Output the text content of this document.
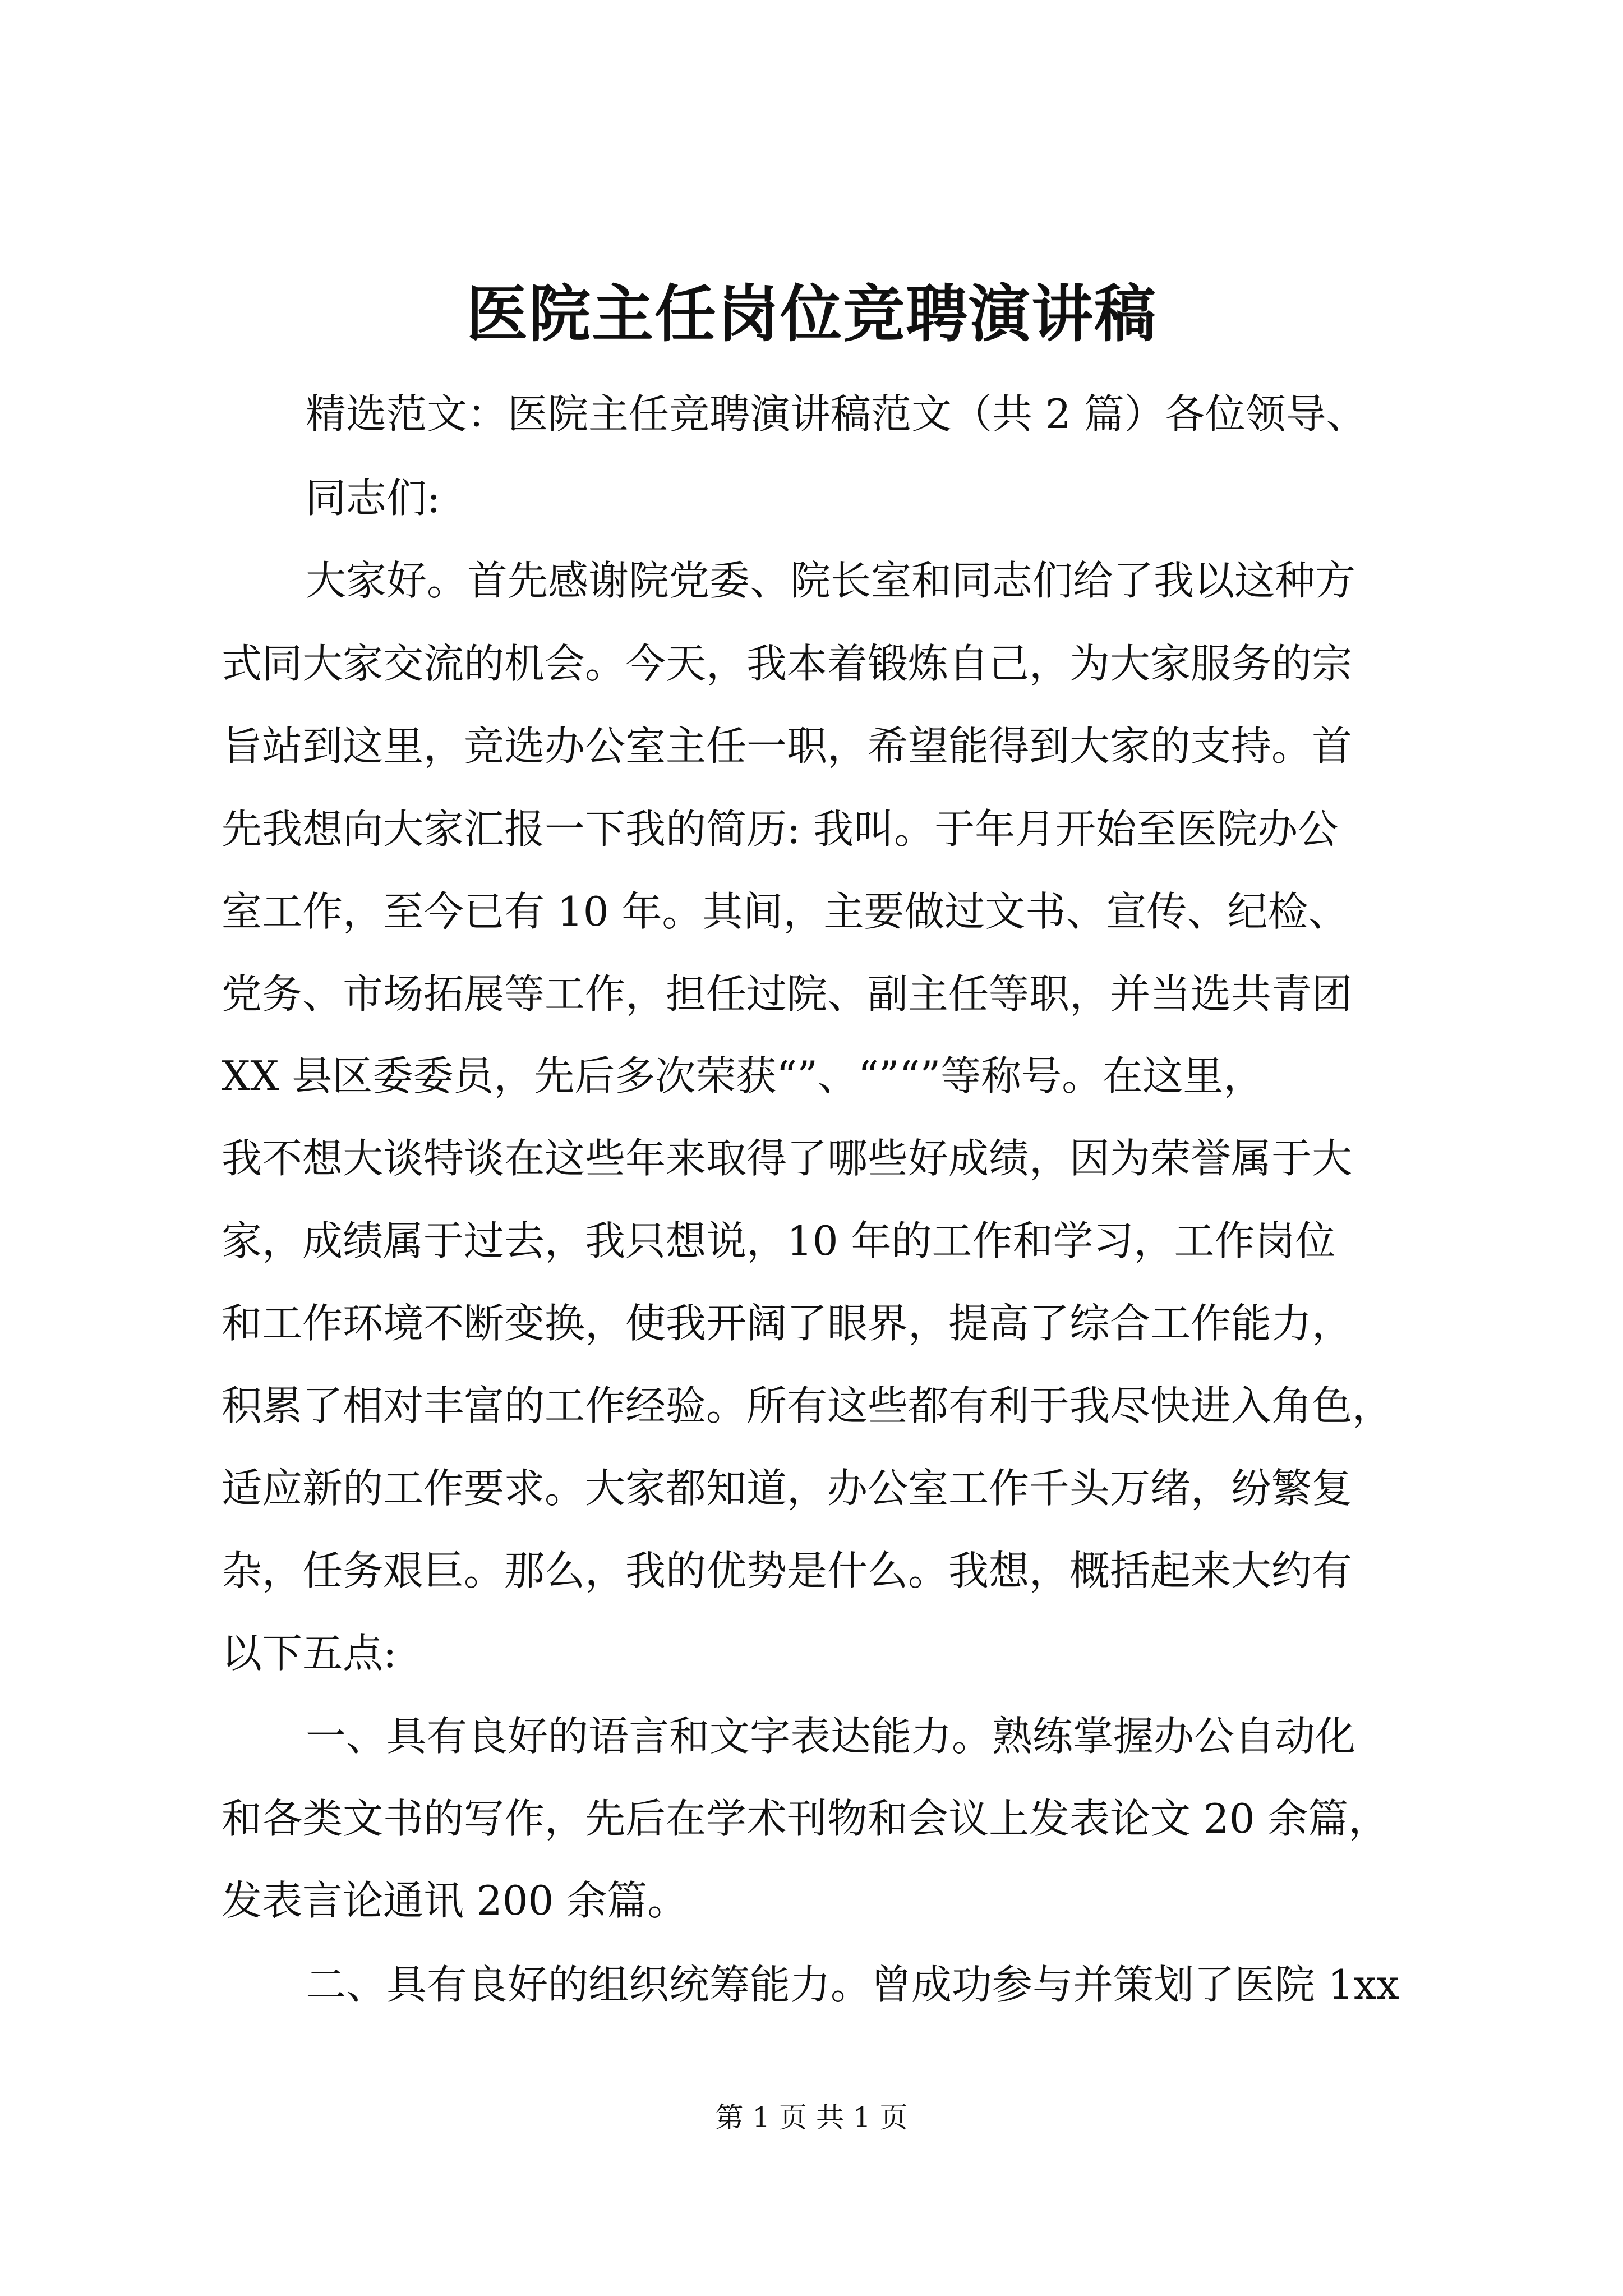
医院主任岗位竞聘演讲稿

精选范文：医院主任竞聘演讲稿范文（共 2 篇）各位领导、

同志们:

大家好。首先感谢院党委、院长室和同志们给了我以这种方

式同大家交流的机会。今天，我本着锻炼自己，为大家服务的宗

旨站到这里，竞选办公室主任一职，希望能得到大家的支持。首

先我想向大家汇报一下我的简历: 我叫。于年月开始至医院办公

室工作，至今已有 10 年。其间，主要做过文书、宣传、纪检、

党务、市场拓展等工作，担任过院、副主任等职，并当选共青团

XX 县区委委员，先后多次荣获“”、“”“”等称号。在这里，

我不想大谈特谈在这些年来取得了哪些好成绩，因为荣誉属于大

家，成绩属于过去，我只想说，10 年的工作和学习，工作岗位

和工作环境不断变换，使我开阔了眼界，提高了综合工作能力，

积累了相对丰富的工作经验。所有这些都有利于我尽快进入角色，

适应新的工作要求。大家都知道，办公室工作千头万绪，纷繁复

杂，任务艰巨。那么，我的优势是什么。我想，概括起来大约有

以下五点:

一、具有良好的语言和文字表达能力。熟练掌握办公自动化

和各类文书的写作，先后在学术刊物和会议上发表论文 20 余篇，

发表言论通讯 200 余篇。

二、具有良好的组织统筹能力。曾成功参与并策划了医院 1xx

第 1 页 共 1 页
